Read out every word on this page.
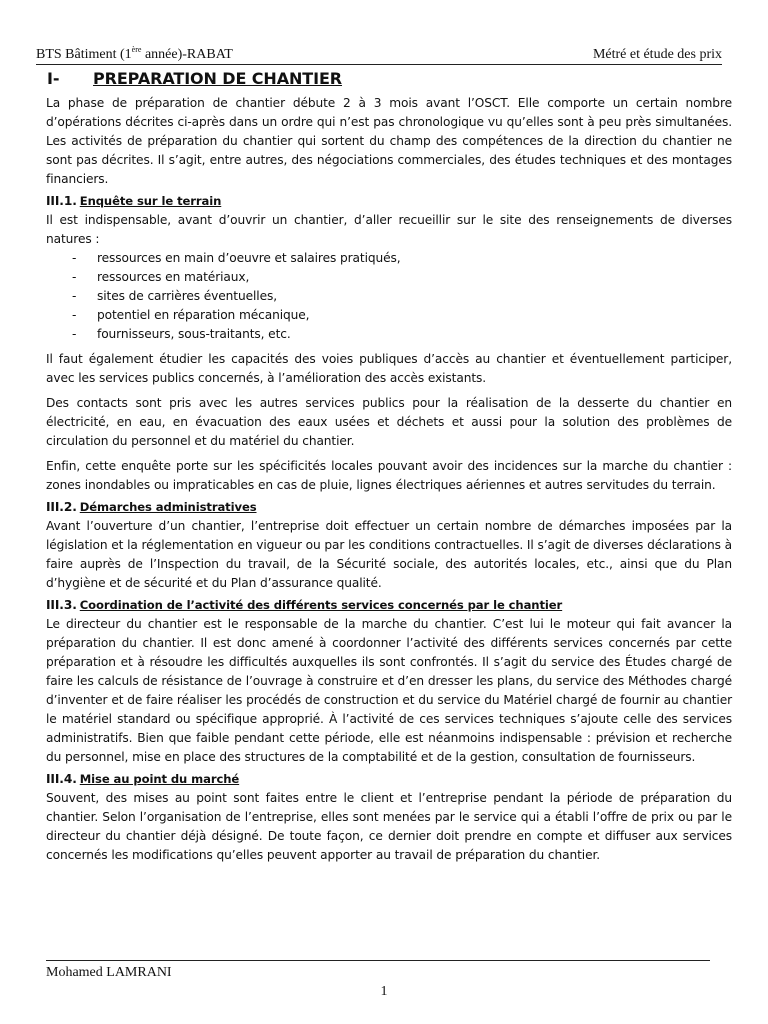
BTS Bâtiment (1ère année)-RABAT	Métré et étude des prix
I-	PREPARATION DE CHANTIER

La phase de préparation de chantier débute 2 à 3 mois avant l’OSCT. Elle comporte un certain nombre d’opérations décrites ci-après dans un ordre qui n’est pas chronologique vu qu’elles sont à peu près simultanées. Les activités de préparation du chantier qui sortent du champ des compétences de la direction du chantier ne sont pas décrites. Il s’agit, entre autres, des négociations commerciales, des études techniques et des montages financiers.

III.1. Enquête sur le terrain

Il est indispensable, avant d’ouvrir un chantier, d’aller recueillir sur le site des renseignements de diverses natures :

-	ressources en main d’oeuvre et salaires pratiqués,
-	ressources en matériaux,
-	sites de carrières éventuelles,
-	potentiel en réparation mécanique,
-	fournisseurs, sous-traitants, etc.

Il faut également étudier les capacités des voies publiques d’accès au chantier et éventuellement participer, avec les services publics concernés, à l’amélioration des accès existants.

Des contacts sont pris avec les autres services publics pour la réalisation de la desserte du chantier en électricité, en eau, en évacuation des eaux usées et déchets et aussi pour la solution des problèmes de circulation du personnel et du matériel du chantier.

Enfin, cette enquête porte sur les spécificités locales pouvant avoir des incidences sur la marche du chantier : zones inondables ou impraticables en cas de pluie, lignes électriques aériennes et autres servitudes du terrain.

III.2. Démarches administratives

Avant l’ouverture d’un chantier, l’entreprise doit effectuer un certain nombre de démarches imposées par la législation et la réglementation en vigueur ou par les conditions contractuelles. Il s’agit de diverses déclarations à faire auprès de l’Inspection du travail, de la Sécurité sociale, des autorités locales, etc., ainsi que du Plan d’hygiène et de sécurité et du Plan d’assurance qualité.

III.3. Coordination de l’activité des différents services concernés par le chantier

Le directeur du chantier est le responsable de la marche du chantier. C’est lui le moteur qui fait avancer la préparation du chantier. Il est donc amené à coordonner l’activité des différents services concernés par cette préparation et à résoudre les difficultés auxquelles ils sont confrontés. Il s’agit du service des Études chargé de faire les calculs de résistance de l’ouvrage à construire et d’en dresser les plans, du service des Méthodes chargé d’inventer et de faire réaliser les procédés de construction et du service du Matériel chargé de fournir au chantier le matériel standard ou spécifique approprié. À l’activité de ces services techniques s’ajoute celle des services administratifs. Bien que faible pendant cette période, elle est néanmoins indispensable : prévision et recherche du personnel, mise en place des structures de la comptabilité et de la gestion, consultation de fournisseurs.

III.4. Mise au point du marché

Souvent, des mises au point sont faites entre le client et l’entreprise pendant la période de préparation du chantier. Selon l’organisation de l’entreprise, elles sont menées par le service qui a établi l’offre de prix ou par le directeur du chantier déjà désigné. De toute façon, ce dernier doit prendre en compte et diffuser aux services concernés les modifications qu’elles peuvent apporter au travail de préparation du chantier.

Mohamed LAMRANI
1
